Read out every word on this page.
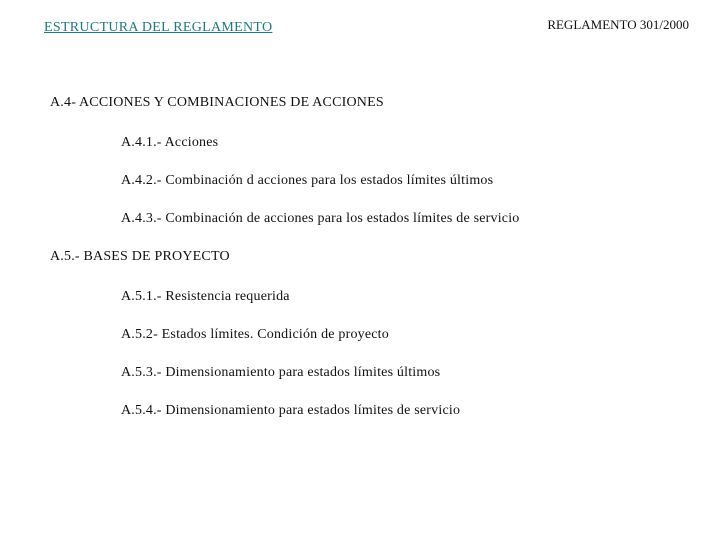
ESTRUCTURA DEL REGLAMENTO	REGLAMENTO 301/2000
A.4- ACCIONES Y COMBINACIONES DE ACCIONES
A.4.1.- Acciones
A.4.2.- Combinación d acciones para los estados límites últimos
A.4.3.- Combinación de acciones para los estados límites de servicio
A.5.- BASES DE PROYECTO
A.5.1.- Resistencia requerida
A.5.2- Estados límites. Condición de proyecto
A.5.3.- Dimensionamiento para estados límites últimos
A.5.4.- Dimensionamiento para estados límites de servicio
